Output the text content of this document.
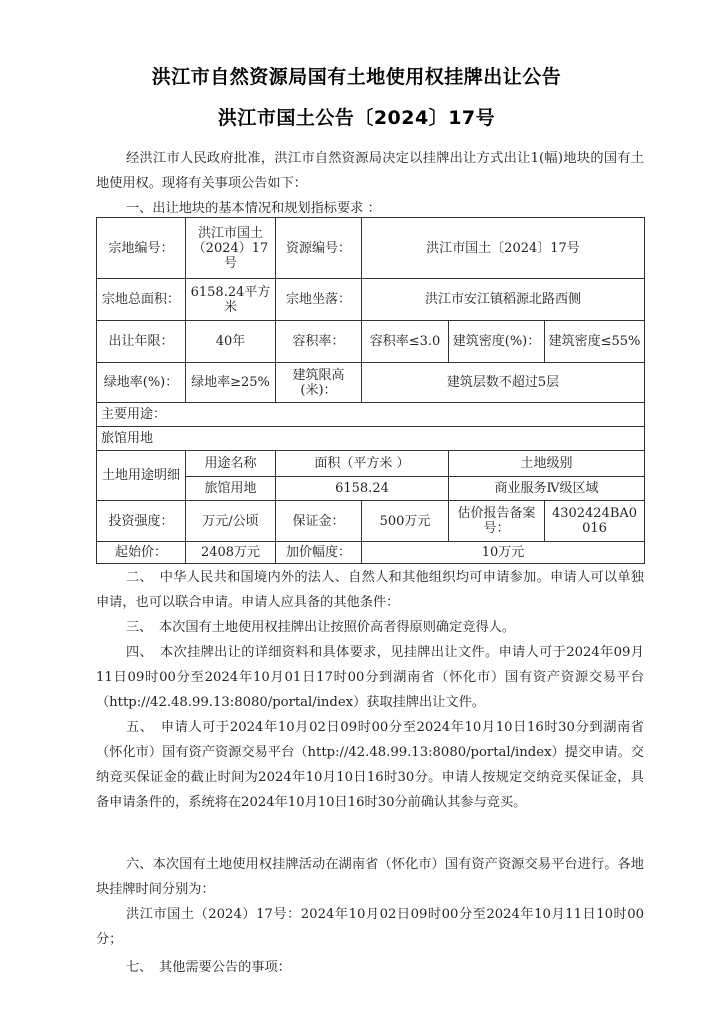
洪江市自然资源局国有土地使用权挂牌出让公告
洪江市国土公告〔2024〕17号
经洪江市人民政府批准，洪江市自然资源局决定以挂牌出让方式出让1(幅)地块的国有土地使用权。现将有关事项公告如下：
一、出让地块的基本情况和规划指标要求 ：
宗地编号：	洪江市国土（2024）17号	资源编号：	洪江市国土〔2024〕17号		
宗地总面积：	6158.24平方米	宗地坐落：	洪江市安江镇稻源北路西侧		
出让年限：	40年	容积率：	容积率≤3.0	建筑密度(%)：	建筑密度≤55%
绿地率(%)：	绿地率≥25%	建筑限高(米)：	建筑层数不超过5层		
主要用途：					
旅馆用地					
土地用途明细	用途名称	面积（平方米 ）		土地级别	
	旅馆用地	6158.24		商业服务Ⅳ级区域	
投资强度：	万元/公顷	保证金：	500万元	估价报告备案号：	4302424BA0016
起始价：	2408万元	加价幅度：	10万元		
二、　中华人民共和国境内外的法人、自然人和其他组织均可申请参加。申请人可以单独申请，也可以联合申请。申请人应具备的其他条件：
三、　本次国有土地使用权挂牌出让按照价高者得原则确定竞得人。
四、　本次挂牌出让的详细资料和具体要求，见挂牌出让文件。申请人可于2024年09月11日09时00分至2024年10月01日17时00分到湖南省（怀化市）国有资产资源交易平台（http://42.48.99.13:8080/portal/index）获取挂牌出让文件。
五、　申请人可于2024年10月02日09时00分至2024年10月10日16时30分到湖南省（怀化市）国有资产资源交易平台（http://42.48.99.13:8080/portal/index）提交申请。交纳竞买保证金的截止时间为2024年10月10日16时30分。申请人按规定交纳竞买保证金，具备申请条件的，系统将在2024年10月10日16时30分前确认其参与竞买。
六、本次国有土地使用权挂牌活动在湖南省（怀化市）国有资产资源交易平台进行。各地块挂牌时间分别为：
洪江市国土（2024）17号：2024年10月02日09时00分至2024年10月11日10时00分；
七、　其他需要公告的事项：
